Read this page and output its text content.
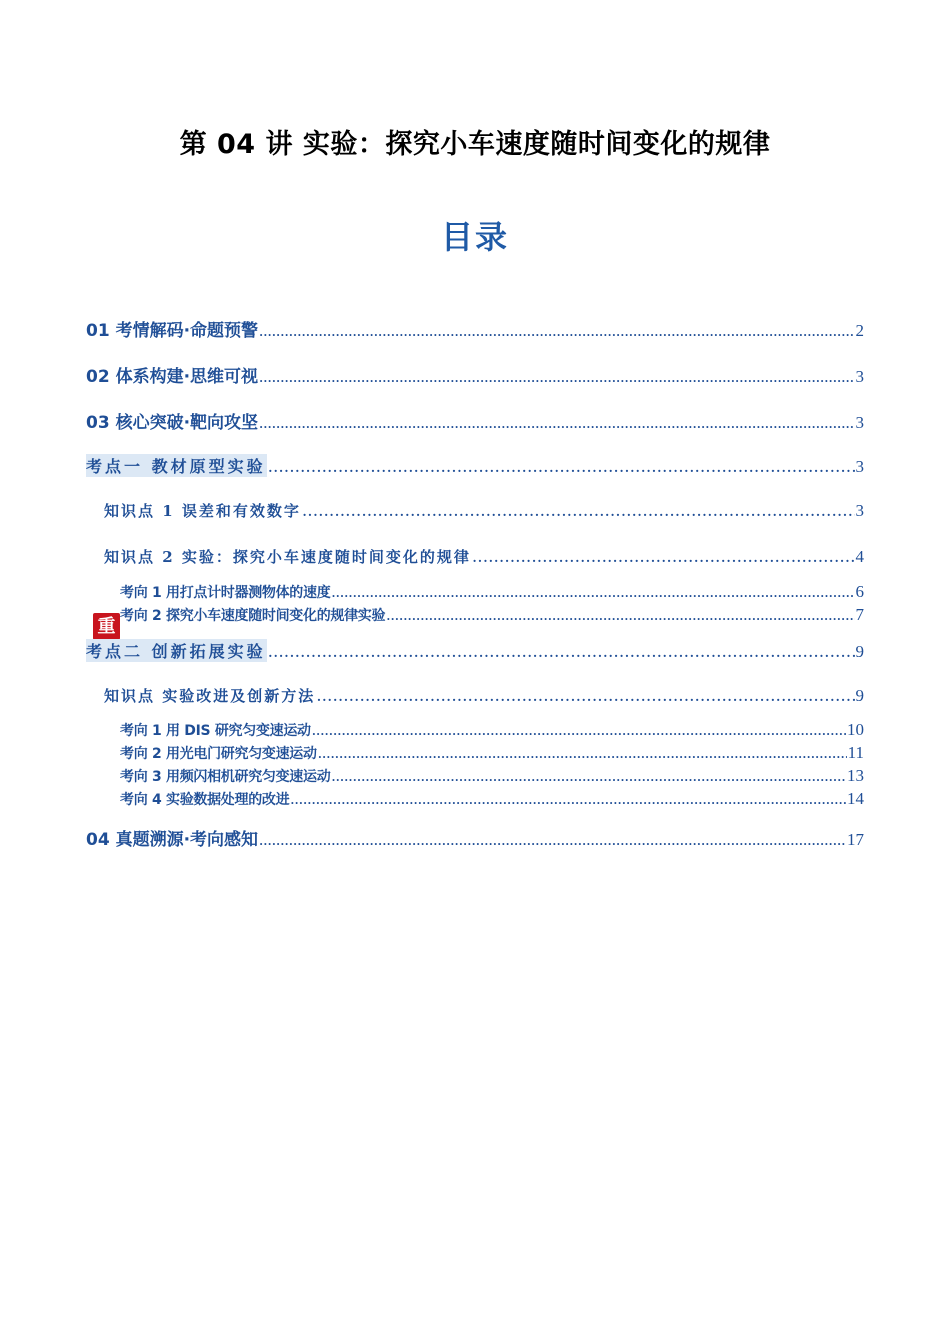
第 04 讲 实验：探究小车速度随时间变化的规律
目录
01 考情解码·命题预警 .....	2
02 体系构建·思维可视 .....	3
03 核心突破·靶向攻坚 .....	3
考点一 教材原型实验 .....	3
知识点 1 误差和有效数字 .....	3
知识点 2 实验：探究小车速度随时间变化的规律 .....	4
考向 1 用打点计时器测物体的速度 .....	6
考向 2 探究小车速度随时间变化的规律实验 .....	7
重
考点二 创新拓展实验 .....	9
知识点 实验改进及创新方法 .....	9
考向 1 用 DIS 研究匀变速运动 .....	10
考向 2 用光电门研究匀变速运动 .....	11
考向 3 用频闪相机研究匀变速运动 .....	13
考向 4 实验数据处理的改进 .....	14
04 真题溯源·考向感知 .....	17
